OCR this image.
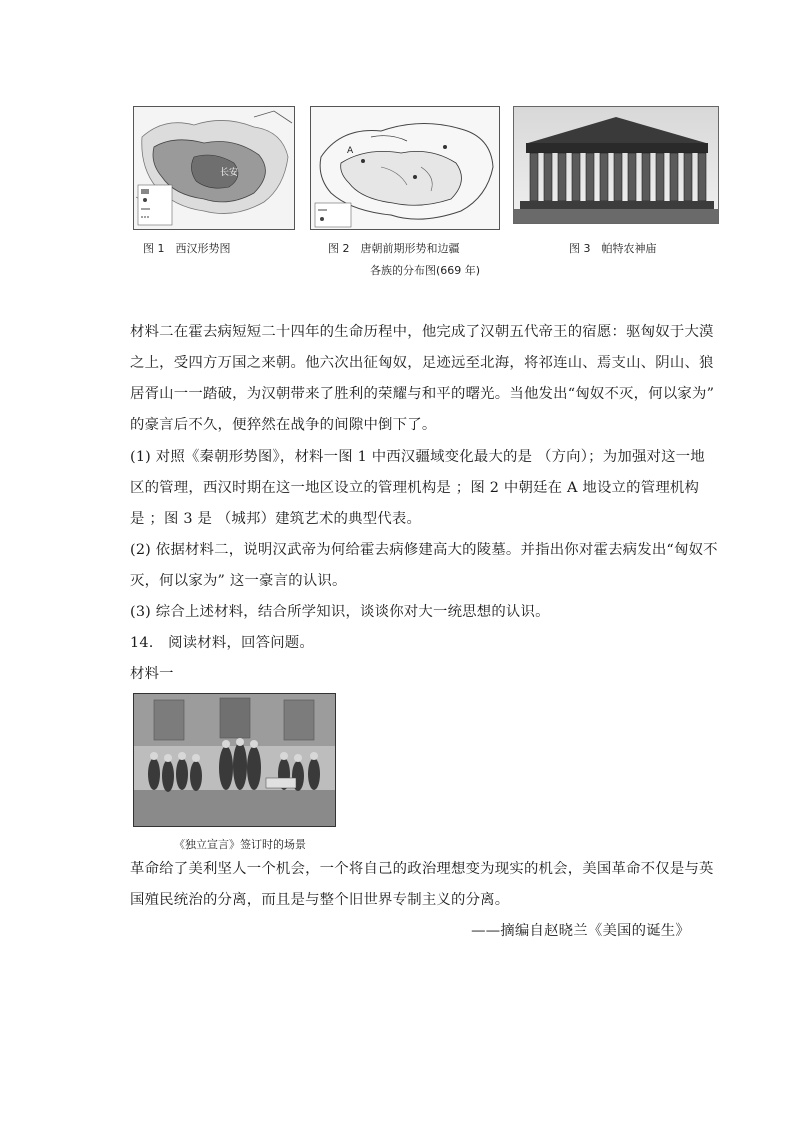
长安
图 1　西汉形势图
A
图 2　唐朝前期形势和边疆
各族的分布图(669 年)
图 3　帕特农神庙
材料二在霍去病短短二十四年的生命历程中，他完成了汉朝五代帝王的宿愿：驱匈奴于大漠
之上，受四方万国之来朝。他六次出征匈奴，足迹远至北海，将祁连山、焉支山、阴山、狼
居胥山一一踏破，为汉朝带来了胜利的荣耀与和平的曙光。当他发出“匈奴不灭，何以家为”
的豪言后不久，便猝然在战争的间隙中倒下了。
(1) 对照《秦朝形势图》，材料一图 1 中西汉疆域变化最大的是 （方向）；为加强对这一地
区的管理，西汉时期在这一地区设立的管理机构是 ；图 2 中朝廷在 A 地设立的管理机构
是 ；图 3 是 （城邦）建筑艺术的典型代表。
(2) 依据材料二，说明汉武帝为何给霍去病修建高大的陵墓。并指出你对霍去病发出“匈奴不
灭，何以家为” 这一豪言的认识。
(3) 综合上述材料，结合所学知识，谈谈你对大一统思想的认识。
14.　阅读材料，回答问题。
材料一
《独立宣言》签订时的场景
革命给了美利坚人一个机会，一个将自己的政治理想变为现实的机会，美国革命不仅是与英
国殖民统治的分离，而且是与整个旧世界专制主义的分离。
——摘编自赵晓兰《美国的诞生》
